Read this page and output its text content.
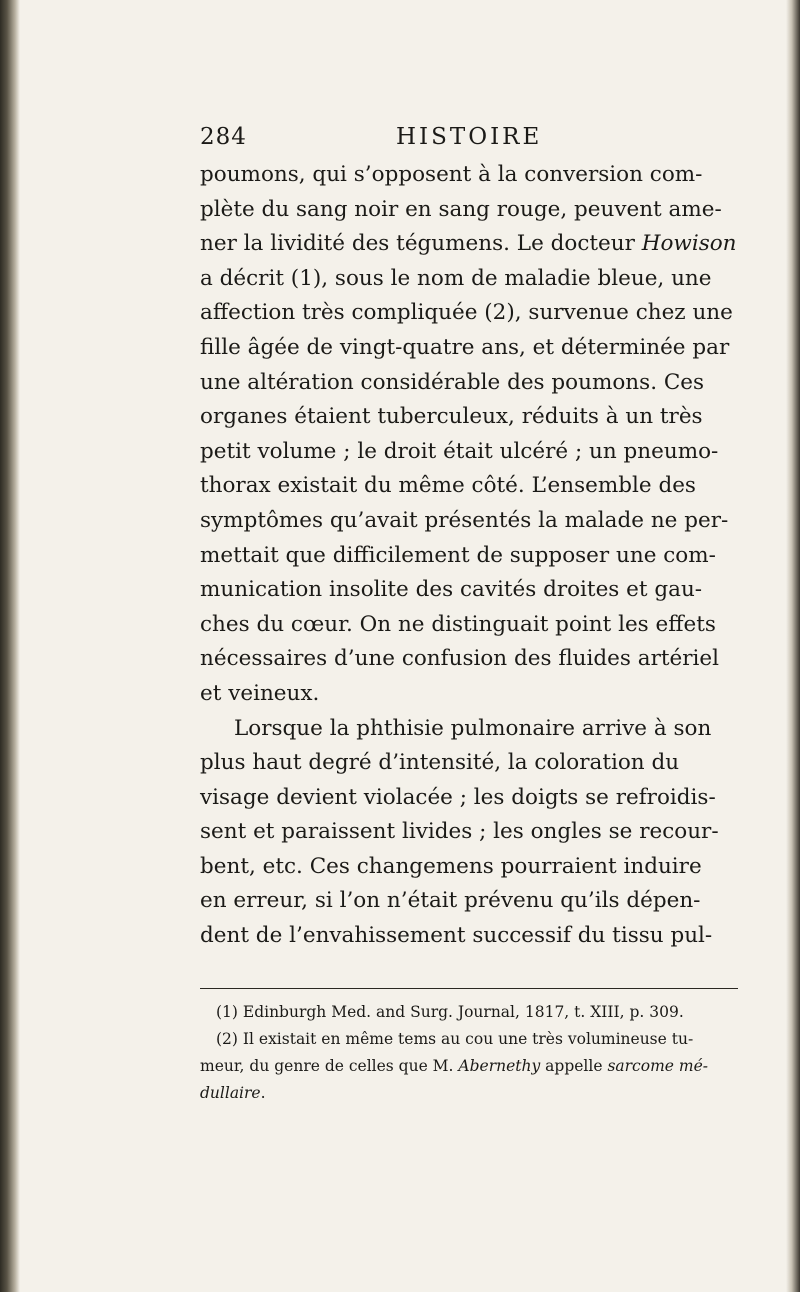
284	HISTOIRE
poumons, qui s’opposent à la conversion com-
plète du sang noir en sang rouge, peuvent ame-
ner la lividité des tégumens. Le docteur Howison
a décrit (1), sous le nom de maladie bleue, une
affection très compliquée (2), survenue chez une
fille âgée de vingt-quatre ans, et déterminée par
une altération considérable des poumons. Ces
organes étaient tuberculeux, réduits à un très
petit volume ; le droit était ulcéré ; un pneumo-
thorax existait du même côté. L’ensemble des
symptômes qu’avait présentés la malade ne per-
mettait que difficilement de supposer une com-
munication insolite des cavités droites et gau-
ches du cœur. On ne distinguait point les effets
nécessaires d’une confusion des fluides artériel
et veineux.
Lorsque la phthisie pulmonaire arrive à son
plus haut degré d’intensité, la coloration du
visage devient violacée ; les doigts se refroidis-
sent et paraissent livides ; les ongles se recour-
bent, etc. Ces changemens pourraient induire
en erreur, si l’on n’était prévenu qu’ils dépen-
dent de l’envahissement successif du tissu pul-
(1) Edinburgh Med. and Surg. Journal, 1817, t. XIII, p. 309.
(2) Il existait en même tems au cou une très volumineuse tu-
meur, du genre de celles que M. Abernethy appelle sarcome mé-
dullaire.
